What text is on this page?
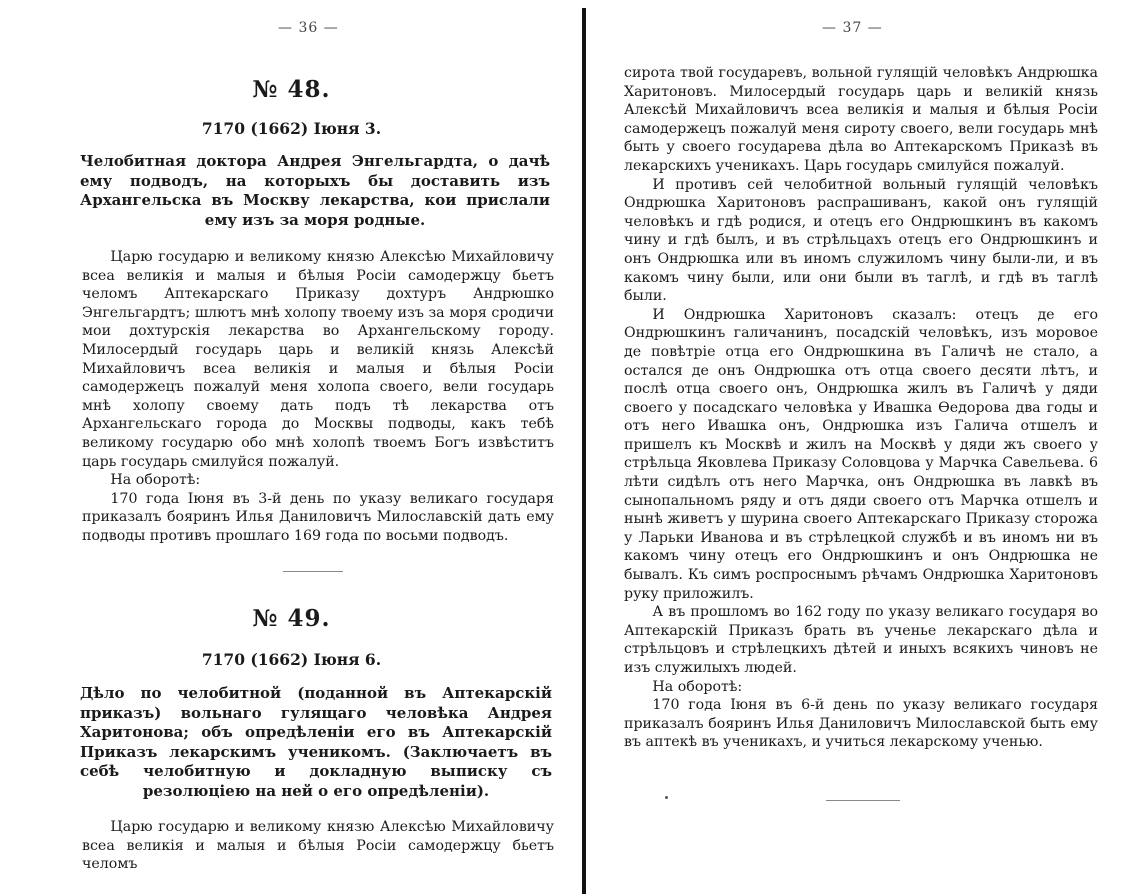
— 36 —
№ 48.
7170 (1662) Іюня 3.

Челобитная доктора Андрея Энгельгардта, о дачѣ ему подводъ, на которыхъ бы доставить изъ Архангельска въ Москву лекарства, кои прислали ему изъ за моря родные.

Царю государю и великому князю Алексѣю Михайловичу всеа великія и малыя и бѣлыя Росіи самодержцу бьетъ челомъ Аптекарскаго Приказу дохтуръ Андрюшко Энгельгардтъ; шлютъ мнѣ холопу твоему изъ за моря сродичи мои дохтурскія лекарства во Архангельскому городу. Милосердый государь царь и великій князь Алексѣй Михайловичъ всеа великія и малыя и бѣлыя Росіи самодержецъ пожалуй меня холопа своего, вели государь мнѣ холопу своему дать подъ тѣ лекарства отъ Архангельскаго города до Москвы подводы, какъ тебѣ великому государю обо мнѣ холопѣ твоемъ Богъ извѣститъ царь государь смилуйся пожалуй.

На оборотѣ:

170 года Іюня въ 3-й день по указу великаго государя приказалъ бояринъ Илья Даниловичъ Милославскій дать ему подводы противъ прошлаго 169 года по восьми подводъ.

№ 49.
7170 (1662) Іюня 6.

Дѣло по челобитной (поданной въ Аптекарскій приказъ) вольнаго гулящаго человѣка Андрея Харитонова; объ опредѣленіи его въ Аптекарскій Приказъ лекарскимъ ученикомъ. (Заключаетъ въ себѣ челобитную и докладную выписку съ резолюціею на ней о его опредѣленіи).

Царю государю и великому князю Алексѣю Михайловичу всеа великія и малыя и бѣлыя Росіи самодержцу бьетъ челомъ

— 37 —

сирота твой государевъ, вольной гулящій человѣкъ Андрюшка Харитоновъ. Милосердый государь царь и великій князь Алексѣй Михайловичъ всеа великія и малыя и бѣлыя Росіи самодержецъ пожалуй меня сироту своего, вели государь мнѣ быть у своего государева дѣла во Аптекарскомъ Приказѣ въ лекарскихъ ученикахъ. Царь государь смилуйся пожалуй.

И противъ сей челобитной вольный гулящій человѣкъ Ондрюшка Харитоновъ распрашиванъ, какой онъ гулящій человѣкъ и гдѣ родися, и отецъ его Ондрюшкинъ въ какомъ чину и гдѣ былъ, и въ стрѣльцахъ отецъ его Ондрюшкинъ и онъ Ондрюшка или въ иномъ служиломъ чину были-ли, и въ какомъ чину были, или они были въ таглѣ, и гдѣ въ таглѣ были.

И Ондрюшка Харитоновъ сказалъ: отецъ де его Ондрюшкинъ галичанинъ, посадскій человѣкъ, изъ моровое де повѣтріе отца его Ондрюшкина въ Галичѣ не стало, а остался де онъ Ондрюшка отъ отца своего десяти лѣтъ, и послѣ отца своего онъ, Ондрюшка жилъ въ Галичѣ у дяди своего у посадскаго человѣка у Ивашка Ѳедорова два годы и отъ него Ивашка онъ, Ондрюшка изъ Галича отшелъ и пришелъ къ Москвѣ и жилъ на Москвѣ у дяди жъ своего у стрѣльца Яковлева Приказу Соловцова у Марчка Савельева. 6 лѣти сидѣлъ отъ него Марчка, онъ Ондрюшка въ лавкѣ въ сынопальномъ ряду и отъ дяди своего отъ Марчка отшелъ и нынѣ живетъ у шурина своего Аптекарскаго Приказу сторожа у Ларьки Иванова и въ стрѣлецкой службѣ и въ иномъ ни въ какомъ чину отецъ его Ондрюшкинъ и онъ Ондрюшка не бывалъ. Къ симъ роспроснымъ рѣчамъ Ондрюшка Харитоновъ руку приложилъ.

А въ прошломъ во 162 году по указу великаго государя во Аптекарскій Приказъ брать въ ученье лекарскаго дѣла и стрѣльцовъ и стрѣлецкихъ дѣтей и иныхъ всякихъ чиновъ не изъ служилыхъ людей.

На оборотѣ:

170 года Іюня въ 6-й день по указу великаго государя приказалъ бояринъ Илья Даниловичъ Милославской быть ему въ аптекѣ въ ученикахъ, и учиться лекарскому ученью.
